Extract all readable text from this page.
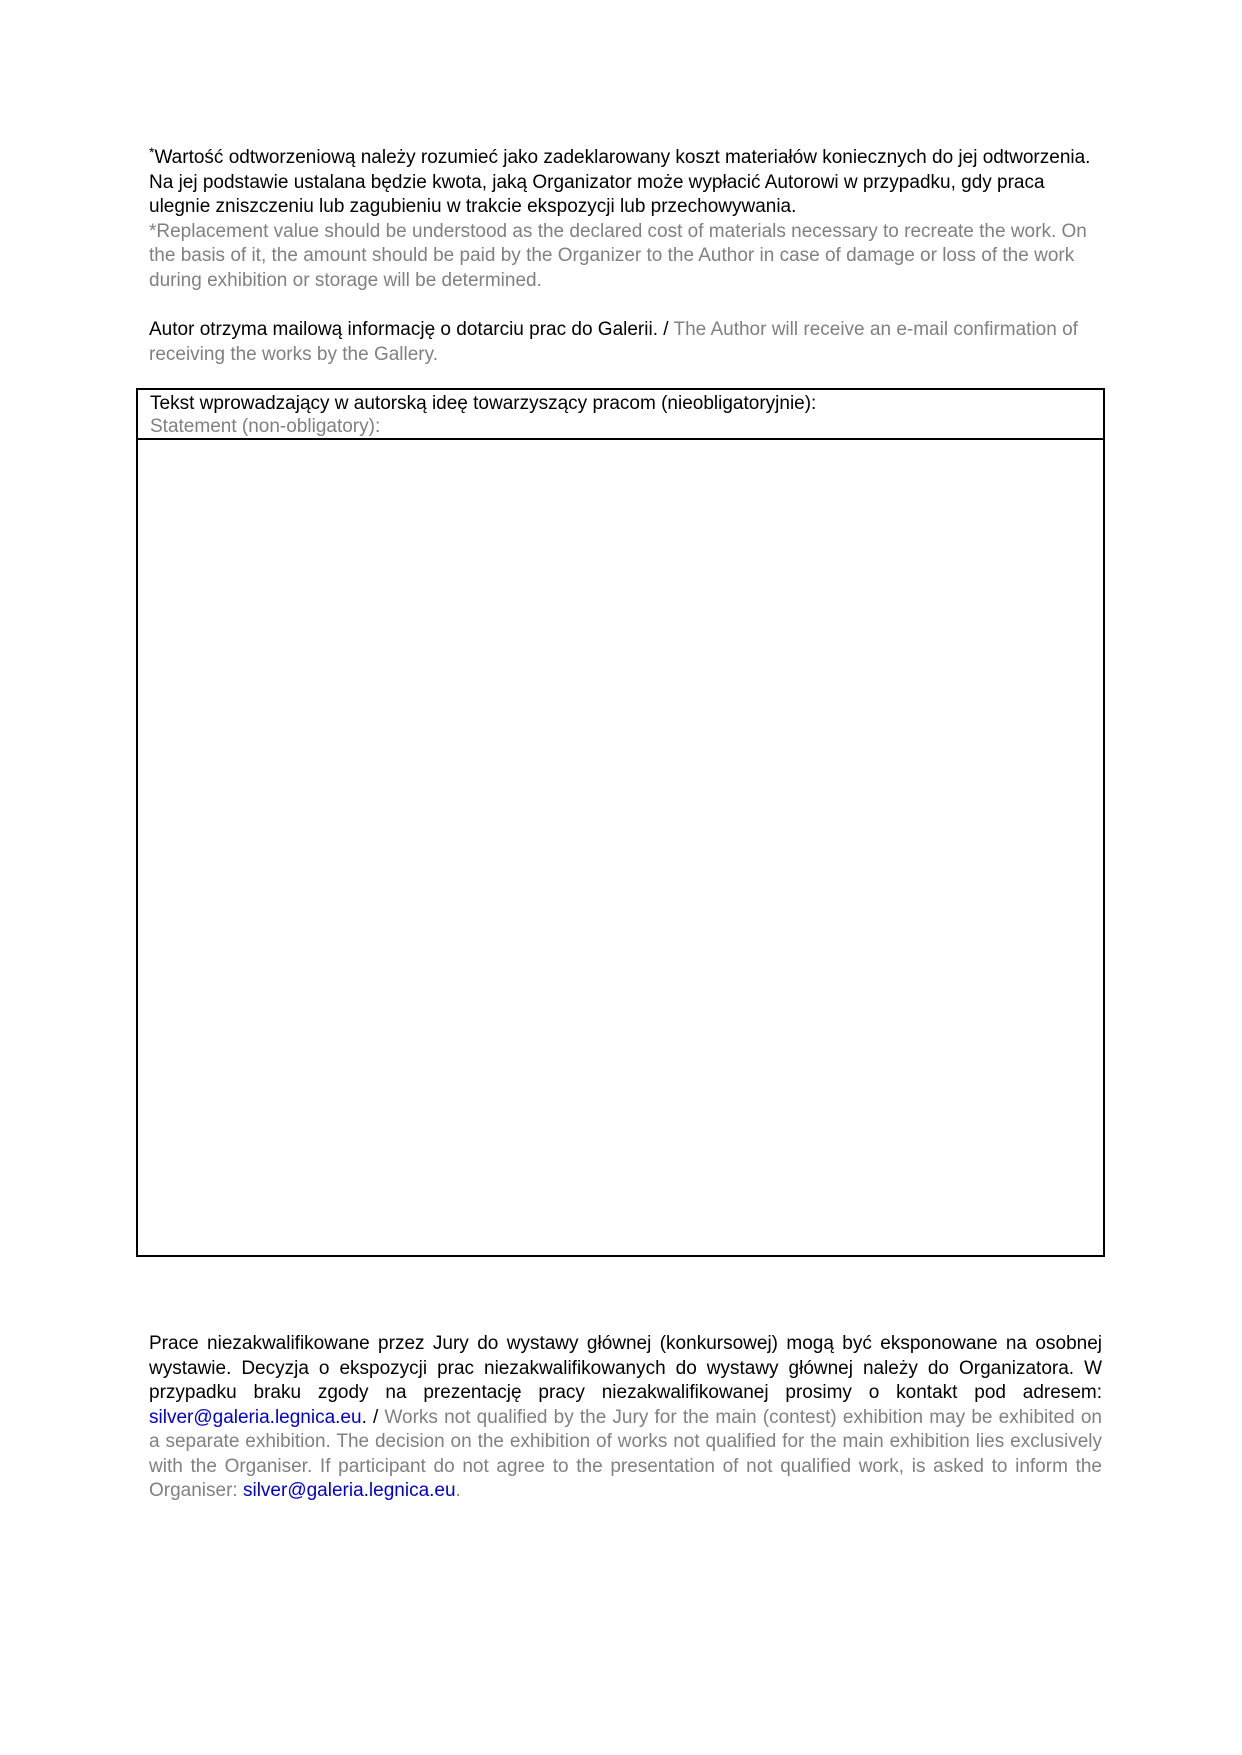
*Wartość odtworzeniową należy rozumieć jako zadeklarowany koszt materiałów koniecznych do jej odtworzenia. Na jej podstawie ustalana będzie kwota, jaką Organizator może wypłacić Autorowi w przypadku, gdy praca ulegnie zniszczeniu lub zagubieniu w trakcie ekspozycji lub przechowywania.
*Replacement value should be understood as the declared cost of materials necessary to recreate the work. On the basis of it, the amount should be paid by the Organizer to the Author in case of damage or loss of the work during exhibition or storage will be determined.
Autor otrzyma mailową informację o dotarciu prac do Galerii. / The Author will receive an e-mail confirmation of receiving the works by the Gallery.
Tekst wprowadzający w autorską ideę towarzyszący pracom (nieobligatoryjnie):
Statement (non-obligatory):
Prace niezakwalifikowane przez Jury do wystawy głównej (konkursowej) mogą być eksponowane na osobnej wystawie. Decyzja o ekspozycji prac niezakwalifikowanych do wystawy głównej należy do Organizatora. W przypadku braku zgody na prezentację pracy niezakwalifikowanej prosimy o kontakt pod adresem: silver@galeria.legnica.eu. / Works not qualified by the Jury for the main (contest) exhibition may be exhibited on a separate exhibition. The decision on the exhibition of works not qualified for the main exhibition lies exclusively with the Organiser. If participant do not agree to the presentation of not qualified work, is asked to inform the Organiser: silver@galeria.legnica.eu.
